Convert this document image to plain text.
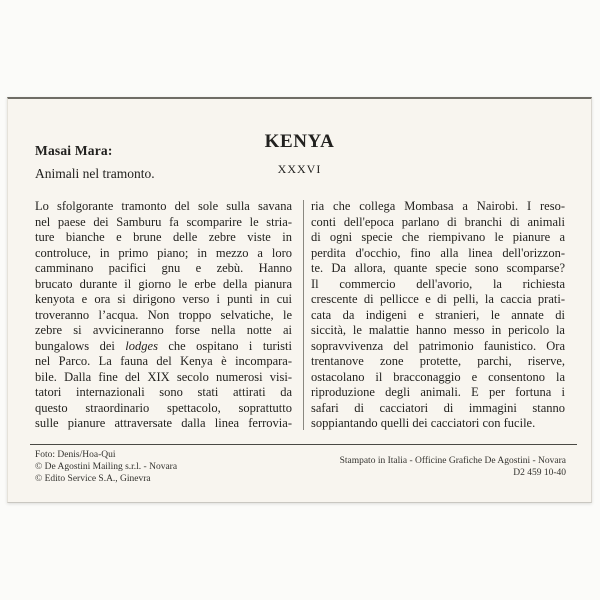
Masai Mara:
Animali nel tramonto.
KENYA
XXXVI
Lo sfolgorante tramonto del sole sulla savana
nel paese dei Samburu fa scomparire le stria-
ture bianche e brune delle zebre viste in
controluce, in primo piano; in mezzo a loro
camminano pacifici gnu e zebù. Hanno
brucato durante il giorno le erbe della pianura
kenyota e ora si dirigono verso i punti in cui
troveranno l’acqua. Non troppo selvatiche, le
zebre si avvicineranno forse nella notte ai
bungalows dei lodges che ospitano i turisti
nel Parco. La fauna del Kenya è incompara-
bile. Dalla fine del XIX secolo numerosi visi-
tatori internazionali sono stati attirati da
questo straordinario spettacolo, soprattutto
sulle pianure attraversate dalla linea ferrovia-
ria che collega Mombasa a Nairobi. I reso-
conti dell'epoca parlano di branchi di animali
di ogni specie che riempivano le pianure a
perdita d'occhio, fino alla linea dell'orizzon-
te. Da allora, quante specie sono scomparse?
Il commercio dell'avorio, la richiesta
crescente di pellicce e di pelli, la caccia prati-
cata da indigeni e stranieri, le annate di
siccità, le malattie hanno messo in pericolo la
sopravvivenza del patrimonio faunistico. Ora
trentanove zone protette, parchi, riserve,
ostacolano il bracconaggio e consentono la
riproduzione degli animali. E per fortuna i
safari di cacciatori di immagini stanno
soppiantando quelli dei cacciatori con fucile.
Foto: Denis/Hoa-Qui
© De Agostini Mailing s.r.l. - Novara
© Edito Service S.A., Ginevra
Stampato in Italia - Officine Grafiche De Agostini - Novara
D2 459 10-40
